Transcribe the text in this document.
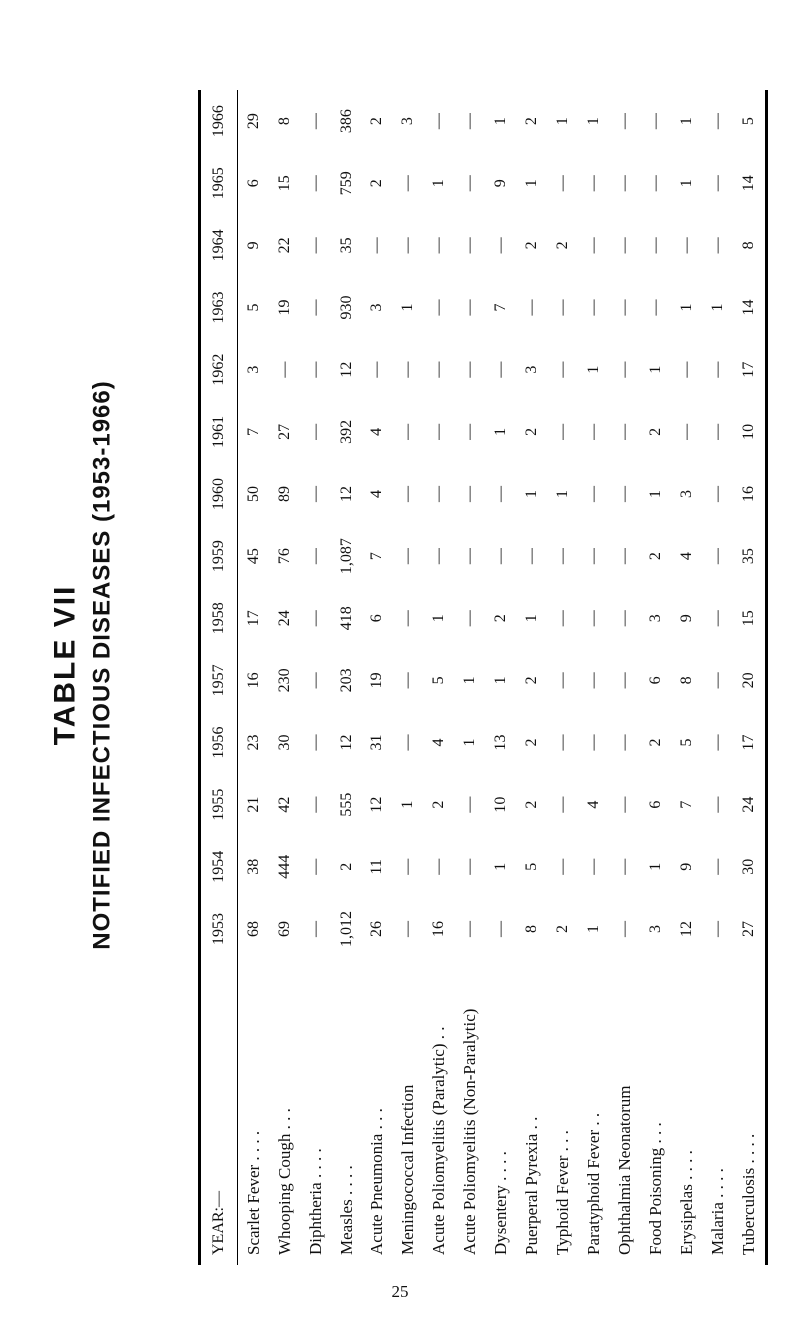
TABLE VII NOTIFIED INFECTIOUS DISEASES (1953-1966)
YEAR:—	1953	1954	1955	1956	1957	1958	1959	1960	1961	1962	1963	1964	1965	1966
Scarlet Fever . . . .	68	38	21	23	16	17	45	50	7	3	5	9	6	29
Whooping Cough . . .	69	444	42	30	230	24	76	89	27	—	19	22	15	8
Diphtheria . . . .	—	—	—	—	—	—	—	—	—	—	—	—	—	—
Measles . . . .	1,012	2	555	12	203	418	1,087	12	392	12	930	35	759	386
Acute Pneumonia . . .	26	11	12	31	19	6	7	4	4	—	3	—	2	2
Meningococcal Infection	—	—	1	—	—	—	—	—	—	—	1	—	—	3
Acute Poliomyelitis (Paralytic) . .	16	—	2	4	5	1	—	—	—	—	—	—	1	—
Acute Poliomyelitis (Non-Paralytic)	—	—	—	1	1	—	—	—	—	—	—	—	—	—
Dysentery . . . .	—	1	10	13	1	2	—	—	1	—	7	—	9	1
Puerperal Pyrexia . .	8	5	2	2	2	1	—	1	2	3	—	2	1	2
Typhoid Fever . . .	2	—	—	—	—	—	—	1	—	—	—	2	—	1
Paratyphoid Fever . .	1	—	4	—	—	—	—	—	—	1	—	—	—	1
Ophthalmia Neonatorum	—	—	—	—	—	—	—	—	—	—	—	—	—	—
Food Poisoning . . .	3	1	6	2	6	3	2	1	2	1	—	—	—	—
Erysipelas . . . .	12	9	7	5	8	9	4	3	—	—	1	—	1	1
Malaria . . . .	—	—	—	—	—	—	—	—	—	—	1	—	—	—
Tuberculosis . . . .	27	30	24	17	20	15	35	16	10	17	14	8	14	5
25
